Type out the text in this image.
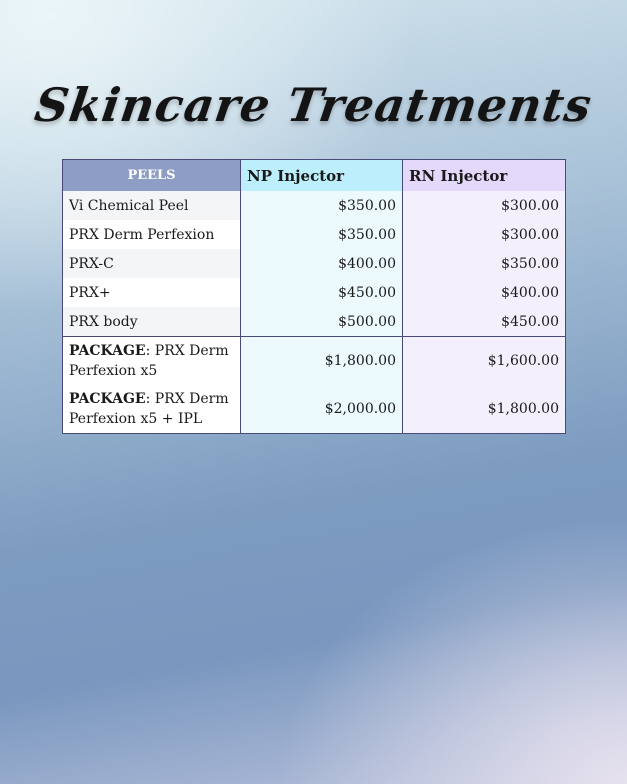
Skincare Treatments
PEELS	NP Injector	RN Injector
Vi Chemical Peel	$350.00	$300.00
PRX Derm Perfexion	$350.00	$300.00
PRX-C	$400.00	$350.00
PRX+	$450.00	$400.00
PRX body	$500.00	$450.00
PACKAGE: PRX Derm Perfexion x5	$1,800.00	$1,600.00
PACKAGE: PRX Derm Perfexion x5 + IPL	$2,000.00	$1,800.00
